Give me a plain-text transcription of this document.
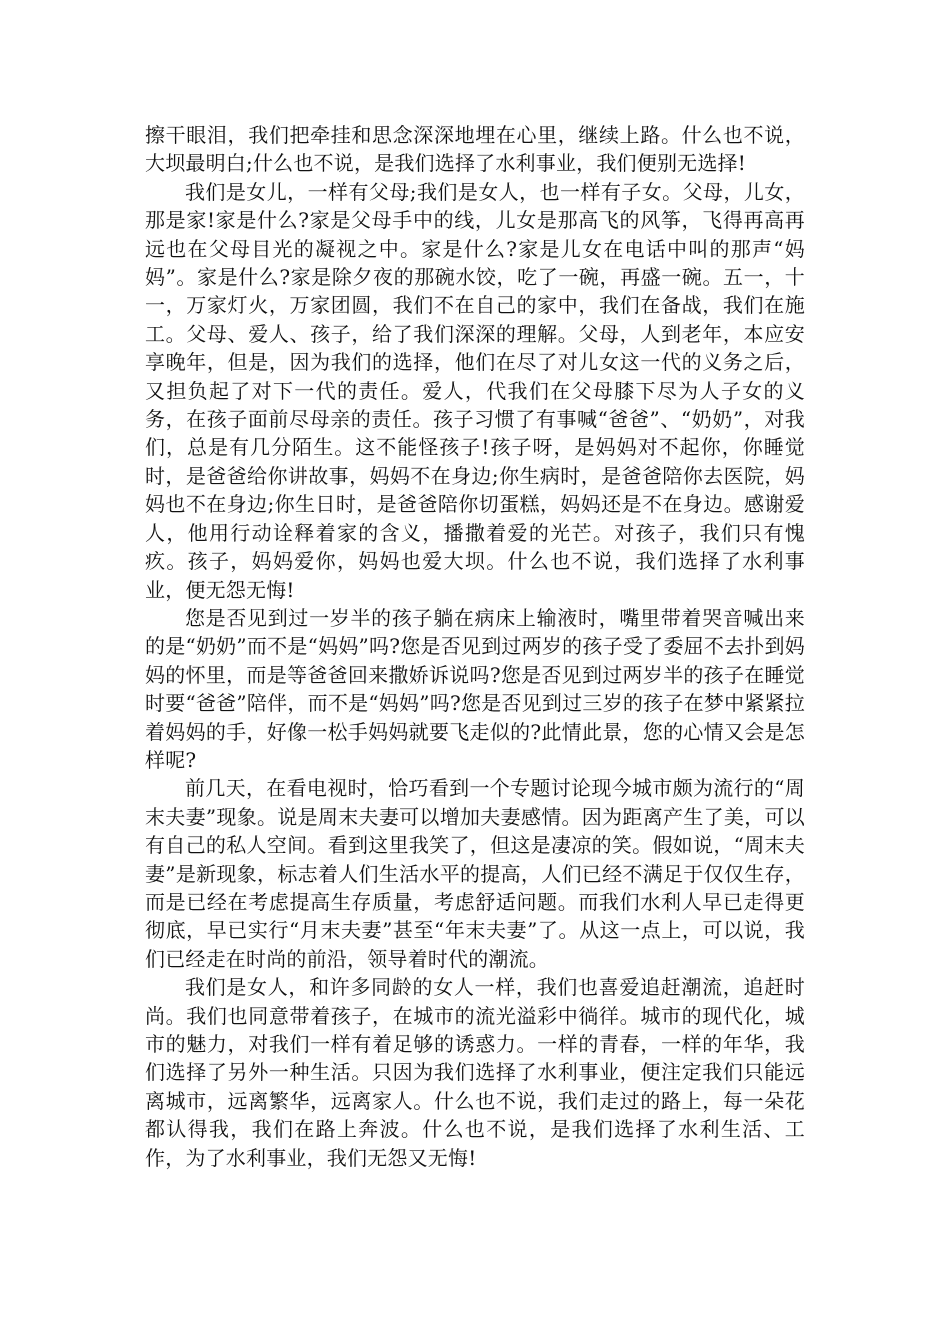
擦干眼泪，我们把牵挂和思念深深地埋在心里，继续上路。什么也不说，大坝最明白;什么也不说，是我们选择了水利事业，我们便别无选择!

我们是女儿，一样有父母;我们是女人，也一样有子女。父母，儿女，那是家!家是什么?家是父母手中的线，儿女是那高飞的风筝，飞得再高再远也在父母目光的凝视之中。家是什么?家是儿女在电话中叫的那声“妈妈”。家是什么?家是除夕夜的那碗水饺，吃了一碗，再盛一碗。五一，十一，万家灯火，万家团圆，我们不在自己的家中，我们在备战，我们在施工。父母、爱人、孩子，给了我们深深的理解。父母，人到老年，本应安享晚年，但是，因为我们的选择，他们在尽了对儿女这一代的义务之后，又担负起了对下一代的责任。爱人，代我们在父母膝下尽为人子女的义务，在孩子面前尽母亲的责任。孩子习惯了有事喊“爸爸”、“奶奶”，对我们，总是有几分陌生。这不能怪孩子!孩子呀，是妈妈对不起你，你睡觉时，是爸爸给你讲故事，妈妈不在身边;你生病时，是爸爸陪你去医院，妈妈也不在身边;你生日时，是爸爸陪你切蛋糕，妈妈还是不在身边。感谢爱人，他用行动诠释着家的含义，播撒着爱的光芒。对孩子，我们只有愧疚。孩子，妈妈爱你，妈妈也爱大坝。什么也不说，我们选择了水利事业，便无怨无悔!

您是否见到过一岁半的孩子躺在病床上输液时，嘴里带着哭音喊出来的是“奶奶”而不是“妈妈”吗?您是否见到过两岁的孩子受了委屈不去扑到妈妈的怀里，而是等爸爸回来撒娇诉说吗?您是否见到过两岁半的孩子在睡觉时要“爸爸”陪伴，而不是“妈妈”吗?您是否见到过三岁的孩子在梦中紧紧拉着妈妈的手，好像一松手妈妈就要飞走似的?此情此景，您的心情又会是怎样呢?

前几天，在看电视时，恰巧看到一个专题讨论现今城市颇为流行的“周末夫妻”现象。说是周末夫妻可以增加夫妻感情。因为距离产生了美，可以有自己的私人空间。看到这里我笑了，但这是凄凉的笑。假如说，“周末夫妻”是新现象，标志着人们生活水平的提高，人们已经不满足于仅仅生存，而是已经在考虑提高生存质量，考虑舒适问题。而我们水利人早已走得更彻底，早已实行“月末夫妻”甚至“年末夫妻”了。从这一点上，可以说，我们已经走在时尚的前沿，领导着时代的潮流。

我们是女人，和许多同龄的女人一样，我们也喜爱追赶潮流，追赶时尚。我们也同意带着孩子，在城市的流光溢彩中徜徉。城市的现代化，城市的魅力，对我们一样有着足够的诱惑力。一样的青春，一样的年华，我们选择了另外一种生活。只因为我们选择了水利事业，便注定我们只能远离城市，远离繁华，远离家人。什么也不说，我们走过的路上，每一朵花都认得我，我们在路上奔波。什么也不说，是我们选择了水利生活、工作，为了水利事业，我们无怨又无悔!
